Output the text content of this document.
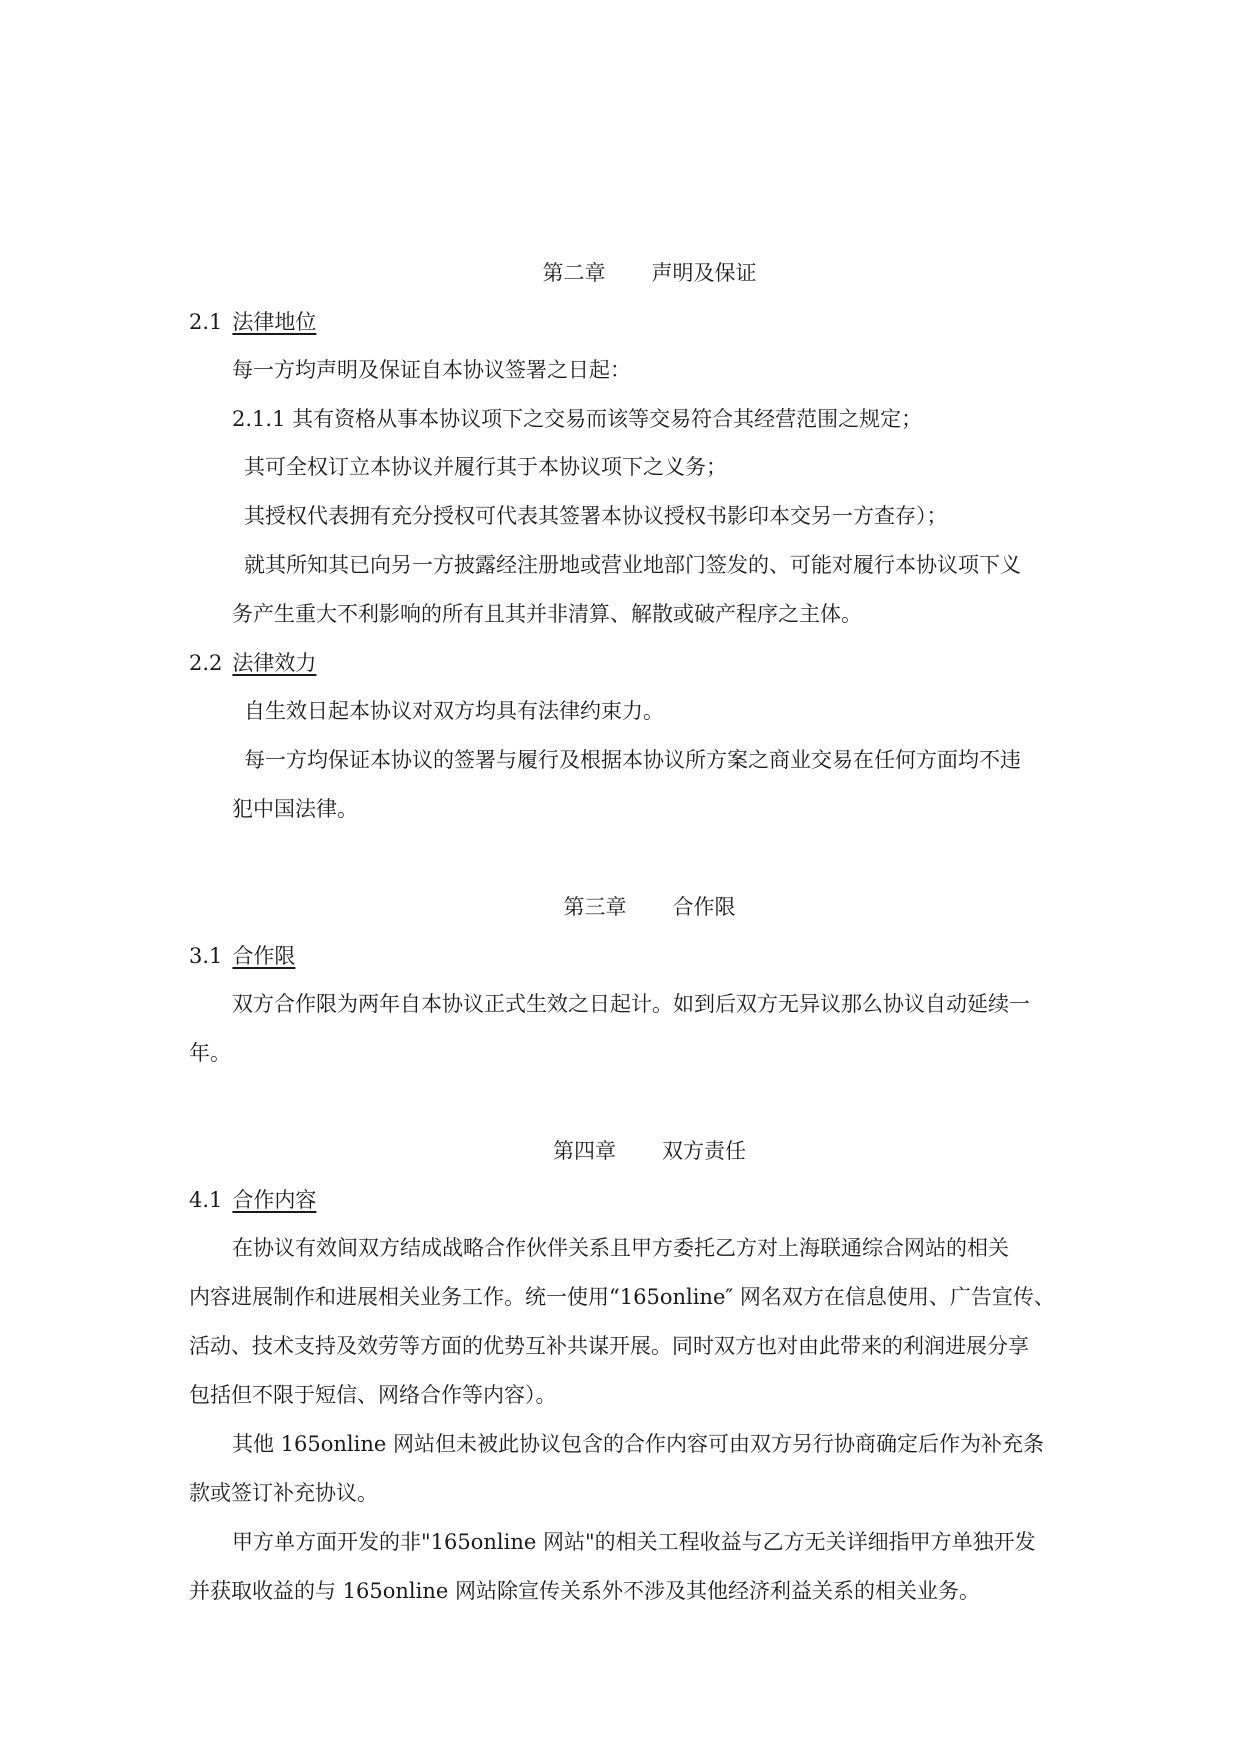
第二章 声明及保证
2.1 法律地位
每一方均声明及保证自本协议签署之日起：
2.1.1 其有资格从事本协议项下之交易而该等交易符合其经营范围之规定；
其可全权订立本协议并履行其于本协议项下之义务；
其授权代表拥有充分授权可代表其签署本协议授权书影印本交另一方查存）；
就其所知其已向另一方披露经注册地或营业地部门签发的、可能对履行本协议项下义
务产生重大不利影响的所有且其并非清算、解散或破产程序之主体。
2.2 法律效力
自生效日起本协议对双方均具有法律约束力。
每一方均保证本协议的签署与履行及根据本协议所方案之商业交易在任何方面均不违
犯中国法律。
第三章 合作限
3.1 合作限
双方合作限为两年自本协议正式生效之日起计。如到后双方无异议那么协议自动延续一
年。
第四章 双方责任
4.1 合作内容
在协议有效间双方结成战略合作伙伴关系且甲方委托乙方对上海联通综合网站的相关
内容进展制作和进展相关业务工作。统一使用“165online″ 网名双方在信息使用、广告宣传、
活动、技术支持及效劳等方面的优势互补共谋开展。同时双方也对由此带来的利润进展分享
包括但不限于短信、网络合作等内容）。
其他 165online 网站但未被此协议包含的合作内容可由双方另行协商确定后作为补充条
款或签订补充协议。
甲方单方面开发的非"165online 网站"的相关工程收益与乙方无关详细指甲方单独开发
并获取收益的与 165online 网站除宣传关系外不涉及其他经济利益关系的相关业务。
